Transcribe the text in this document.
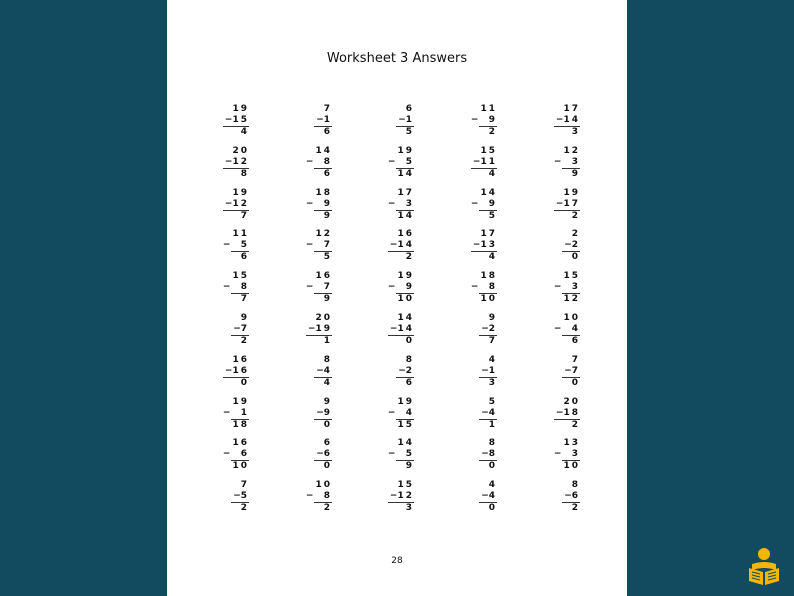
Worksheet 3 Answers
19
−15
4
7
−1
6
6
−1
5
11
−  9
2
17
−14
3
20
−12
8
14
−  8
6
19
−  5
14
15
−11
4
12
−  3
9
19
−12
7
18
−  9
9
17
−  3
14
14
−  9
5
19
−17
2
11
−  5
6
12
−  7
5
16
−14
2
17
−13
4
2
−2
0
15
−  8
7
16
−  7
9
19
−  9
10
18
−  8
10
15
−  3
12
9
−7
2
20
−19
1
14
−14
0
9
−2
7
10
−  4
6
16
−16
0
8
−4
4
8
−2
6
4
−1
3
7
−7
0
19
−  1
18
9
−9
0
19
−  4
15
5
−4
1
20
−18
2
16
−  6
10
6
−6
0
14
−  5
9
8
−8
0
13
−  3
10
7
−5
2
10
−  8
2
15
−12
3
4
−4
0
8
−6
2
28
